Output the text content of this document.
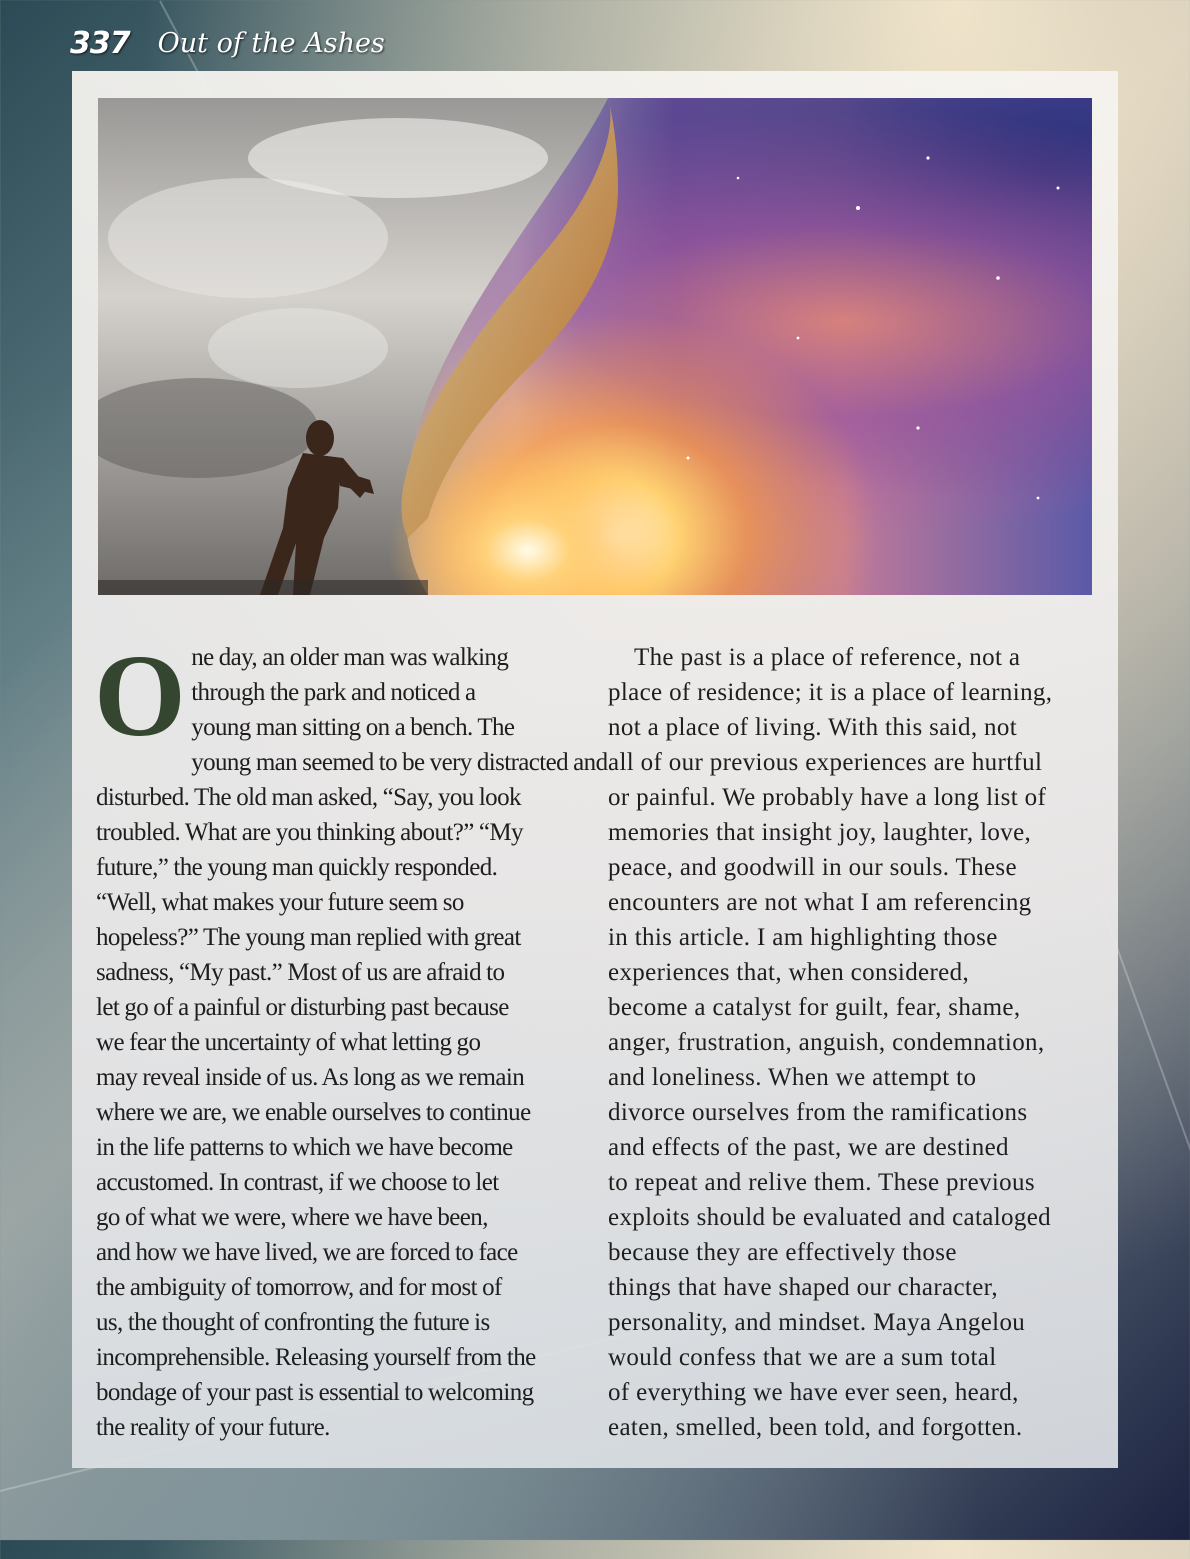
337 Out of the Ashes
O ne day, an older man was walking
through the park and noticed a
young man sitting on a bench. The
young man seemed to be very distracted and
disturbed. The old man asked, “Say, you look
troubled. What are you thinking about?” “My
future,” the young man quickly responded.
“Well, what makes your future seem so
hopeless?” The young man replied with great
sadness, “My past.” Most of us are afraid to
let go of a painful or disturbing past because
we fear the uncertainty of what letting go
may reveal inside of us. As long as we remain
where we are, we enable ourselves to continue
in the life patterns to which we have become
accustomed. In contrast, if we choose to let
go of what we were, where we have been,
and how we have lived, we are forced to face
the ambiguity of tomorrow, and for most of
us, the thought of confronting the future is
incomprehensible. Releasing yourself from the
bondage of your past is essential to welcoming
the reality of your future.
The past is a place of reference, not a
place of residence; it is a place of learning,
not a place of living. With this said, not
all of our previous experiences are hurtful
or painful. We probably have a long list of
memories that insight joy, laughter, love,
peace, and goodwill in our souls. These
encounters are not what I am referencing
in this article. I am highlighting those
experiences that, when considered,
become a catalyst for guilt, fear, shame,
anger, frustration, anguish, condemnation,
and loneliness. When we attempt to
divorce ourselves from the ramifications
and effects of the past, we are destined
to repeat and relive them. These previous
exploits should be evaluated and cataloged
because they are effectively those
things that have shaped our character,
personality, and mindset. Maya Angelou
would confess that we are a sum total
of everything we have ever seen, heard,
eaten, smelled, been told, and forgotten.
